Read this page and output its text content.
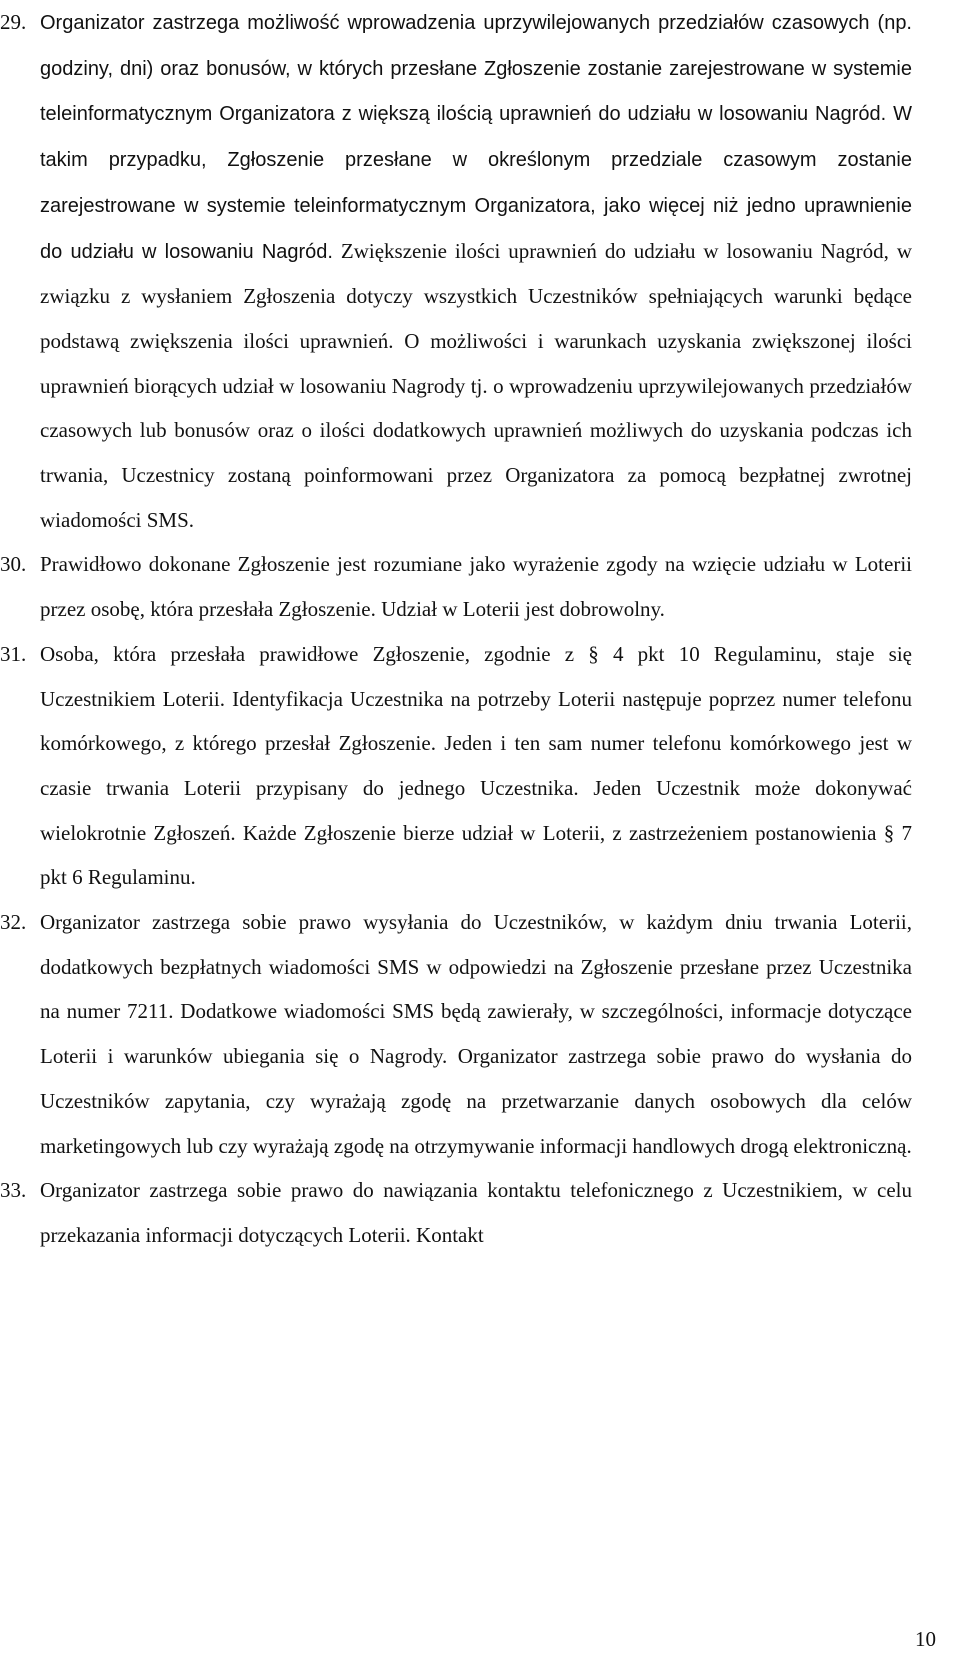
29. Organizator zastrzega możliwość wprowadzenia uprzywilejowanych przedziałów czasowych (np. godziny, dni) oraz bonusów, w których przesłane Zgłoszenie zostanie zarejestrowane w systemie teleinformatycznym Organizatora z większą ilością uprawnień do udziału w losowaniu Nagród. W takim przypadku, Zgłoszenie przesłane w określonym przedziale czasowym zostanie zarejestrowane w systemie teleinformatycznym Organizatora, jako więcej niż jedno uprawnienie do udziału w losowaniu Nagród. Zwiększenie ilości uprawnień do udziału w losowaniu Nagród, w związku z wysłaniem Zgłoszenia dotyczy wszystkich Uczestników spełniających warunki będące podstawą zwiększenia ilości uprawnień. O możliwości i warunkach uzyskania zwiększonej ilości uprawnień biorących udział w losowaniu Nagrody tj. o wprowadzeniu uprzywilejowanych przedziałów czasowych lub bonusów oraz o ilości dodatkowych uprawnień możliwych do uzyskania podczas ich trwania, Uczestnicy zostaną poinformowani przez Organizatora za pomocą bezpłatnej zwrotnej wiadomości SMS.
30. Prawidłowo dokonane Zgłoszenie jest rozumiane jako wyrażenie zgody na wzięcie udziału w Loterii przez osobę, która przesłała Zgłoszenie. Udział w Loterii jest dobrowolny.
31. Osoba, która przesłała prawidłowe Zgłoszenie, zgodnie z § 4 pkt 10 Regulaminu, staje się Uczestnikiem Loterii. Identyfikacja Uczestnika na potrzeby Loterii następuje poprzez numer telefonu komórkowego, z którego przesłał Zgłoszenie. Jeden i ten sam numer telefonu komórkowego jest w czasie trwania Loterii przypisany do jednego Uczestnika. Jeden Uczestnik może dokonywać wielokrotnie Zgłoszeń. Każde Zgłoszenie bierze udział w Loterii, z zastrzeżeniem postanowienia § 7 pkt 6 Regulaminu.
32. Organizator zastrzega sobie prawo wysyłania do Uczestników, w każdym dniu trwania Loterii, dodatkowych bezpłatnych wiadomości SMS w odpowiedzi na Zgłoszenie przesłane przez Uczestnika na numer 7211. Dodatkowe wiadomości SMS będą zawierały, w szczególności, informacje dotyczące Loterii i warunków ubiegania się o Nagrody. Organizator zastrzega sobie prawo do wysłania do Uczestników zapytania, czy wyrażają zgodę na przetwarzanie danych osobowych dla celów marketingowych lub czy wyrażają zgodę na otrzymywanie informacji handlowych drogą elektroniczną.
33. Organizator zastrzega sobie prawo do nawiązania kontaktu telefonicznego z Uczestnikiem, w celu przekazania informacji dotyczących Loterii. Kontakt
10
